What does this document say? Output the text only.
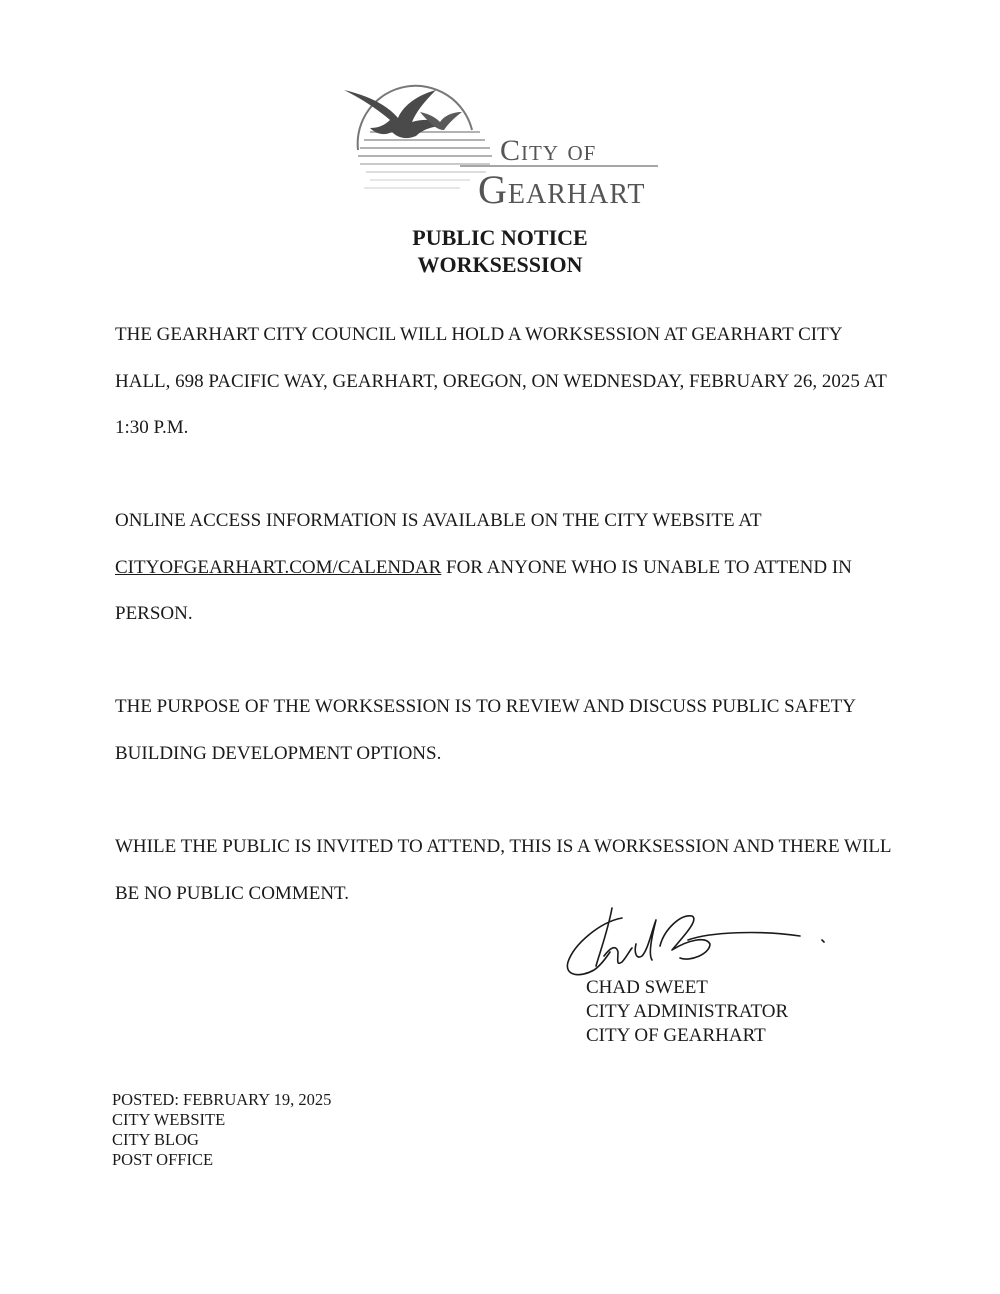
City of
Gearhart
PUBLIC NOTICE
WORKSESSION

THE GEARHART CITY COUNCIL WILL HOLD A WORKSESSION AT GEARHART CITY HALL, 698 PACIFIC WAY, GEARHART, OREGON, ON WEDNESDAY, FEBRUARY 26, 2025 AT 1:30 P.M.

ONLINE ACCESS INFORMATION IS AVAILABLE ON THE CITY WEBSITE AT CITYOFGEARHART.COM/CALENDAR FOR ANYONE WHO IS UNABLE TO ATTEND IN PERSON.

THE PURPOSE OF THE WORKSESSION IS TO REVIEW AND DISCUSS PUBLIC SAFETY BUILDING DEVELOPMENT OPTIONS.

WHILE THE PUBLIC IS INVITED TO ATTEND, THIS IS A WORKSESSION AND THERE WILL BE NO PUBLIC COMMENT.

CHAD SWEET
CITY ADMINISTRATOR
CITY OF GEARHART
POSTED: FEBRUARY 19, 2025
CITY WEBSITE
CITY BLOG
POST OFFICE
